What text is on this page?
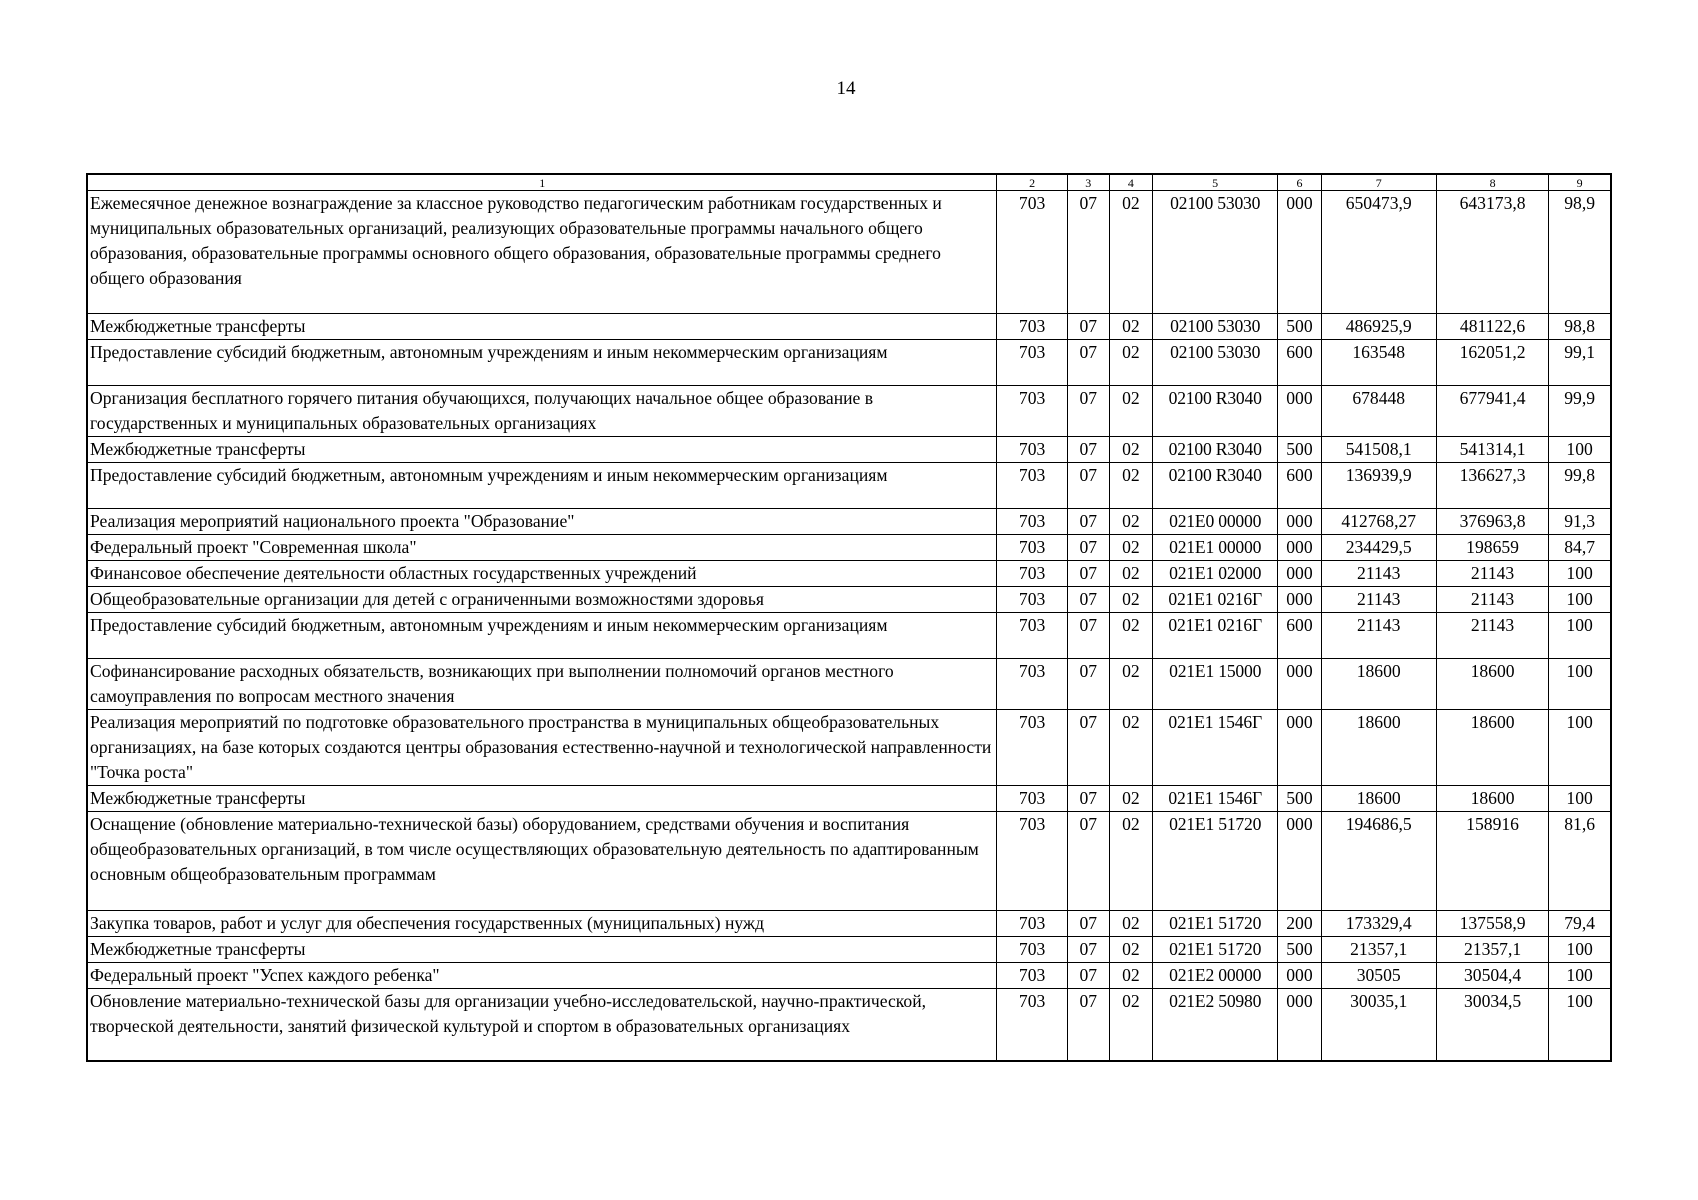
14
1	2	3	4	5	6	7	8	9
Ежемесячное денежное вознаграждение за классное руководство педагогическим работникам государственных и муниципальных образовательных организаций, реализующих образовательные программы начального общего образования, образовательные программы основного общего образования, образовательные программы среднего общего образования	703	07	02	02100 53030	000	650473,9	643173,8	98,9
Межбюджетные трансферты	703	07	02	02100 53030	500	486925,9	481122,6	98,8
Предоставление субсидий бюджетным, автономным учреждениям и иным некоммерческим организациям	703	07	02	02100 53030	600	163548	162051,2	99,1
Организация бесплатного горячего питания обучающихся, получающих начальное общее образование в государственных и муниципальных образовательных организациях	703	07	02	02100 R3040	000	678448	677941,4	99,9
Межбюджетные трансферты	703	07	02	02100 R3040	500	541508,1	541314,1	100
Предоставление субсидий бюджетным, автономным учреждениям и иным некоммерческим организациям	703	07	02	02100 R3040	600	136939,9	136627,3	99,8
Реализация мероприятий национального проекта "Образование"	703	07	02	021Е0 00000	000	412768,27	376963,8	91,3
Федеральный проект "Современная школа"	703	07	02	021Е1 00000	000	234429,5	198659	84,7
Финансовое обеспечение деятельности областных государственных учреждений	703	07	02	021Е1 02000	000	21143	21143	100
Общеобразовательные организации для детей с ограниченными возможностями здоровья	703	07	02	021Е1 0216Г	000	21143	21143	100
Предоставление субсидий бюджетным, автономным учреждениям и иным некоммерческим организациям	703	07	02	021Е1 0216Г	600	21143	21143	100
Софинансирование расходных обязательств, возникающих при выполнении полномочий органов местного самоуправления по вопросам местного значения	703	07	02	021Е1 15000	000	18600	18600	100
Реализация мероприятий по подготовке образовательного пространства в муниципальных общеобразовательных организациях, на базе которых создаются центры образования естественно-научной и технологической направленности "Точка роста"	703	07	02	021Е1 1546Г	000	18600	18600	100
Межбюджетные трансферты	703	07	02	021Е1 1546Г	500	18600	18600	100
Оснащение (обновление материально-технической базы) оборудованием, средствами обучения и воспитания общеобразовательных организаций, в том числе осуществляющих образовательную деятельность по адаптированным основным общеобразовательным программам	703	07	02	021Е1 51720	000	194686,5	158916	81,6
Закупка товаров, работ и услуг для обеспечения государственных (муниципальных) нужд	703	07	02	021Е1 51720	200	173329,4	137558,9	79,4
Межбюджетные трансферты	703	07	02	021Е1 51720	500	21357,1	21357,1	100
Федеральный проект "Успех каждого ребенка"	703	07	02	021Е2 00000	000	30505	30504,4	100
Обновление материально-технической базы для организации учебно-исследовательской, научно-практической, творческой деятельности, занятий физической культурой и спортом в образовательных организациях	703	07	02	021Е2 50980	000	30035,1	30034,5	100
